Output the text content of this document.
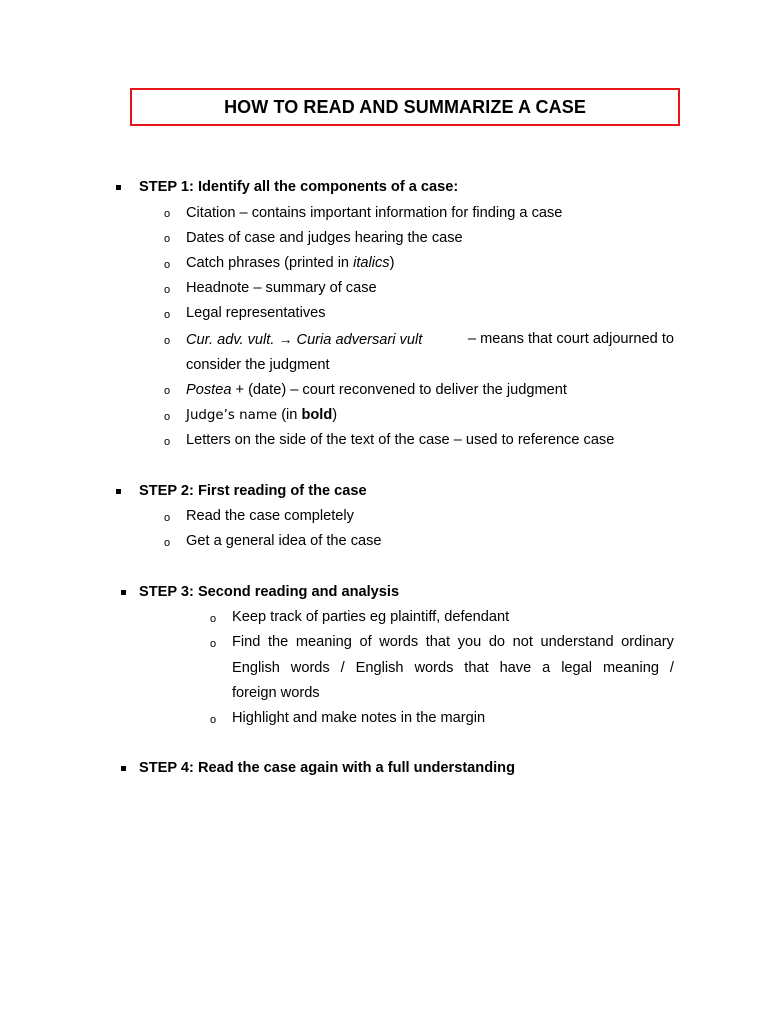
HOW TO READ AND SUMMARIZE A CASE
STEP 1: Identify all the components of a case:
o Citation – contains important information for finding a case
o Dates of case and judges hearing the case
o Catch phrases (printed in italics)
o Headnote – summary of case
o Legal representatives
o Cur. adv. vult. → Curia adversari vult	– means that court adjourned to
consider the judgment
o Postea + (date) – court reconvened to deliver the judgment
o Judge’s name (in bold)
o Letters on the side of the text of the case – used to reference case
STEP 2: First reading of the case
o Read the case completely
o Get a general idea of the case
STEP 3: Second reading and analysis
o Keep track of parties eg plaintiff, defendant
o Find the meaning of words that you do not understand ordinary
English words / English words that have a legal meaning /
foreign words
o Highlight and make notes in the margin
STEP 4: Read the case again with a full understanding
